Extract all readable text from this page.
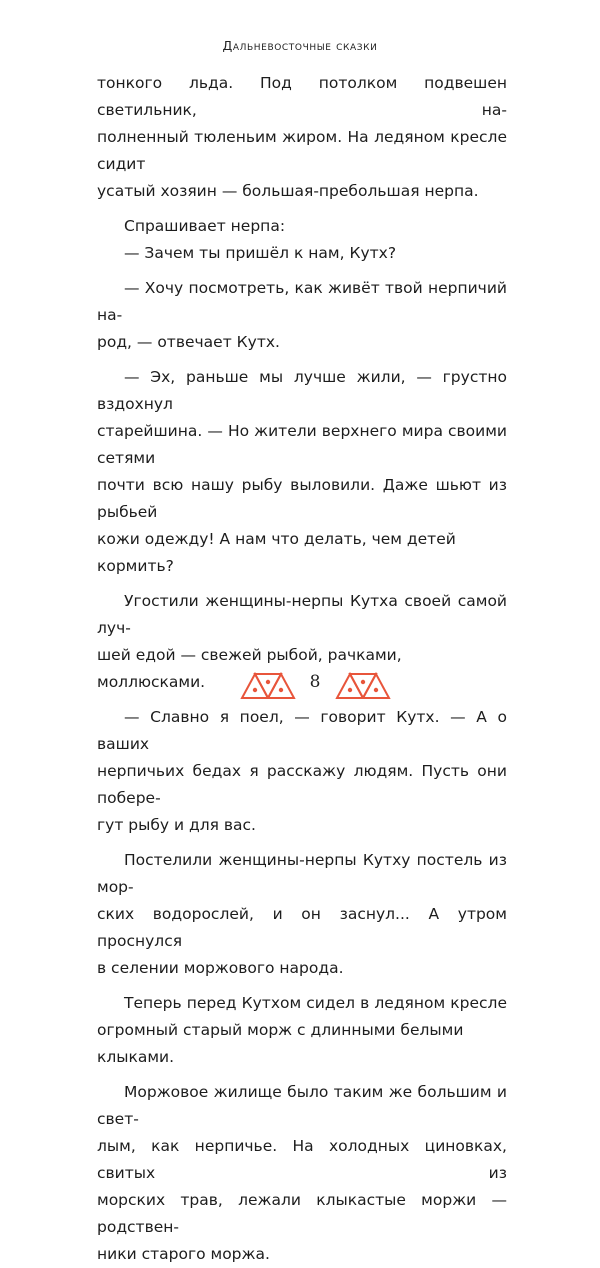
Дальневосточные сказки

тонкого льда. Под потолком подвешен светильник, на-

полненный тюленьим жиром. На ледяном кресле сидит

усатый хозяин — большая-пребольшая нерпа.

Спрашивает нерпа:

— Зачем ты пришёл к нам, Кутх?

— Хочу посмотреть, как живёт твой нерпичий на-

род, — отвечает Кутх.

— Эх, раньше мы лучше жили, — грустно вздохнул

старейшина. — Но жители верхнего мира своими сетями

почти всю нашу рыбу выловили. Даже шьют из рыбьей

кожи одежду! А нам что делать, чем детей кормить?

Угостили женщины-нерпы Кутха своей самой луч-

шей едой — свежей рыбой, рачками, моллюсками.

— Славно я поел, — говорит Кутх. — А о ваших

нерпичьих бедах я расскажу людям. Пусть они поберe-

гут рыбу и для вас.

Постелили женщины-нерпы Кутху постель из мор-

ских водорослей, и он заснул... А утром проснулся

в селении моржового народа.

Теперь перед Кутхом сидел в ледяном кресле

огромный старый морж с длинными белыми клыками.

Моржовое жилище было таким же большим и свет-

лым, как нерпичье. На холодных циновках, свитых из

морских трав, лежали клыкастые моржи — родствен-

ники старого моржа.

8
